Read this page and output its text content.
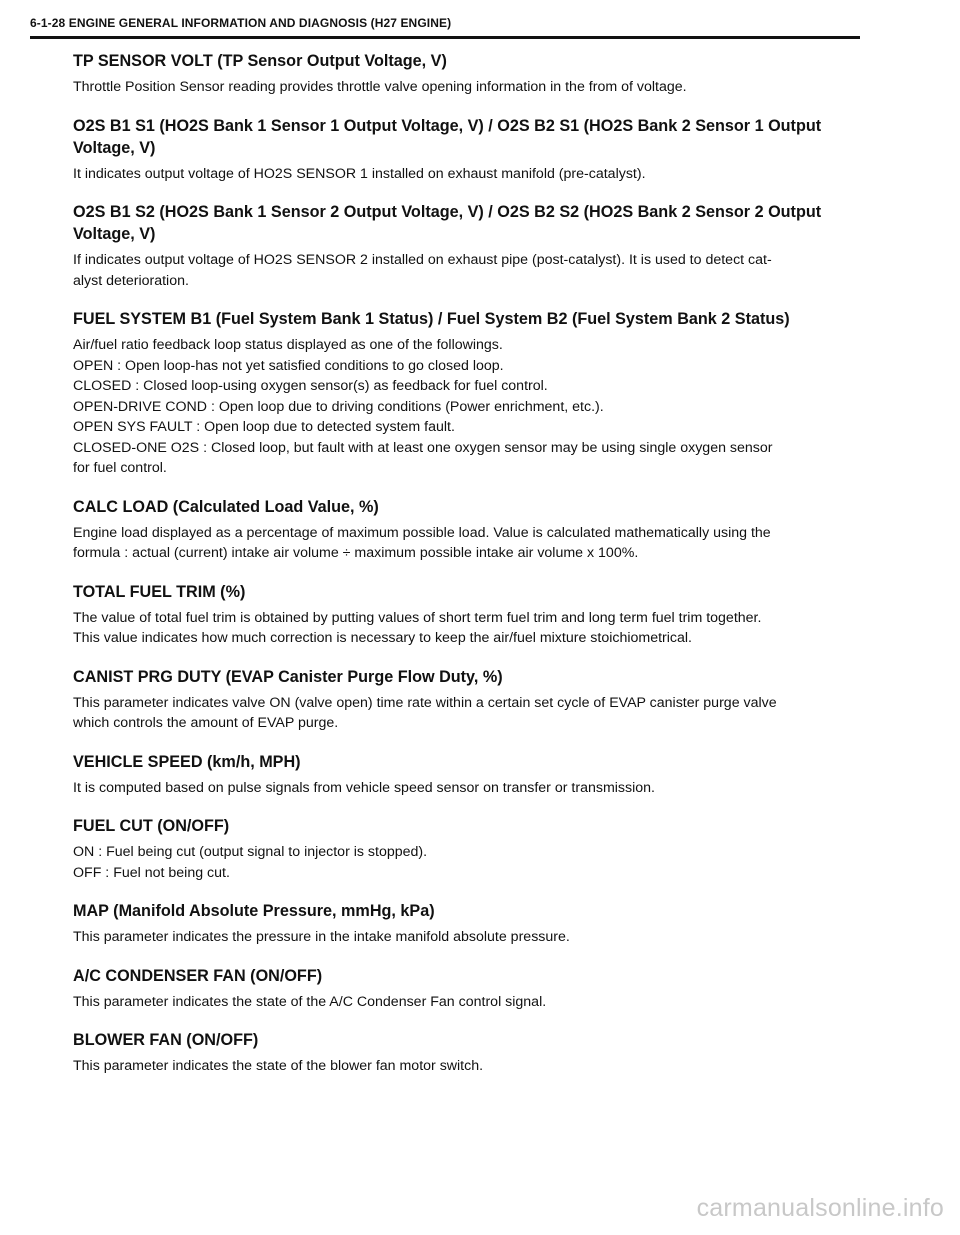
6-1-28 ENGINE GENERAL INFORMATION AND DIAGNOSIS (H27 ENGINE)
TP SENSOR VOLT (TP Sensor Output Voltage, V)
Throttle Position Sensor reading provides throttle valve opening information in the from of voltage.
O2S B1 S1 (HO2S Bank 1 Sensor 1 Output Voltage, V) / O2S B2 S1 (HO2S Bank 2 Sensor 1 Output
Voltage, V)
It indicates output voltage of HO2S SENSOR 1 installed on exhaust manifold (pre-catalyst).
O2S B1 S2 (HO2S Bank 1 Sensor 2 Output Voltage, V) / O2S B2 S2 (HO2S Bank 2 Sensor 2 Output
Voltage, V)
If indicates output voltage of HO2S SENSOR 2 installed on exhaust pipe (post-catalyst). It is used to detect cat-
alyst deterioration.
FUEL SYSTEM B1 (Fuel System Bank 1 Status) / Fuel System B2 (Fuel System Bank 2 Status)
Air/fuel ratio feedback loop status displayed as one of the followings.
OPEN : Open loop-has not yet satisfied conditions to go closed loop.
CLOSED : Closed loop-using oxygen sensor(s) as feedback for fuel control.
OPEN-DRIVE COND : Open loop due to driving conditions (Power enrichment, etc.).
OPEN SYS FAULT : Open loop due to detected system fault.
CLOSED-ONE O2S : Closed loop, but fault with at least one oxygen sensor may be using single oxygen sensor
for fuel control.
CALC LOAD (Calculated Load Value, %)
Engine load displayed as a percentage of maximum possible load. Value is calculated mathematically using the
formula : actual (current) intake air volume ÷ maximum possible intake air volume x 100%.
TOTAL FUEL TRIM (%)
The value of total fuel trim is obtained by putting values of short term fuel trim and long term fuel trim together.
This value indicates how much correction is necessary to keep the air/fuel mixture stoichiometrical.
CANIST PRG DUTY (EVAP Canister Purge Flow Duty, %)
This parameter indicates valve ON (valve open) time rate within a certain set cycle of EVAP canister purge valve
which controls the amount of EVAP purge.
VEHICLE SPEED (km/h, MPH)
It is computed based on pulse signals from vehicle speed sensor on transfer or transmission.
FUEL CUT (ON/OFF)
ON : Fuel being cut (output signal to injector is stopped).
OFF : Fuel not being cut.
MAP (Manifold Absolute Pressure, mmHg, kPa)
This parameter indicates the pressure in the intake manifold absolute pressure.
A/C CONDENSER FAN (ON/OFF)
This parameter indicates the state of the A/C Condenser Fan control signal.
BLOWER FAN (ON/OFF)
This parameter indicates the state of the blower fan motor switch.
carmanualsonline.info
